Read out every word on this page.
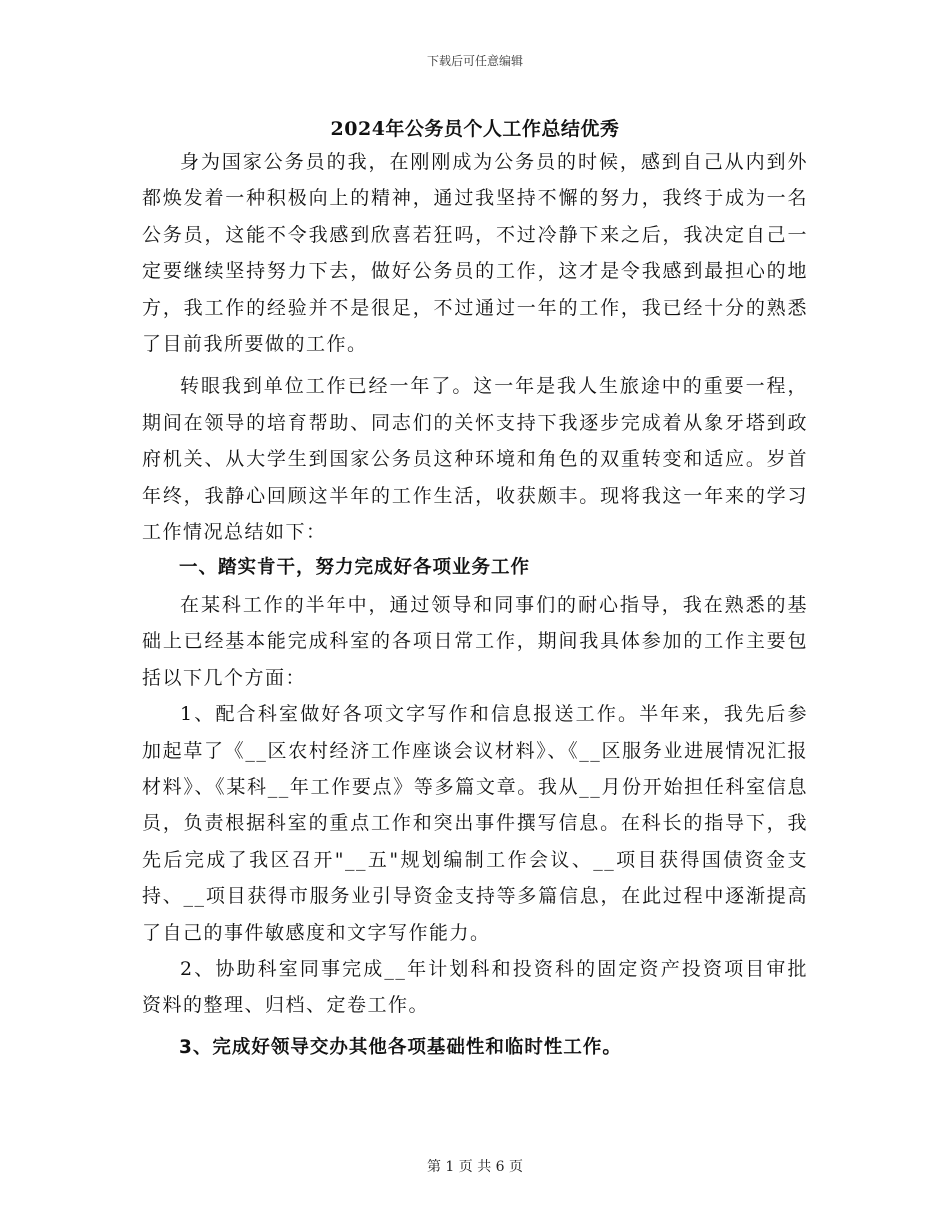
下载后可任意编辑
2024年公务员个人工作总结优秀

身为国家公务员的我，在刚刚成为公务员的时候，感到自己从内到外都焕发着一种积极向上的精神，通过我坚持不懈的努力，我终于成为一名公务员，这能不令我感到欣喜若狂吗，不过冷静下来之后，我决定自己一定要继续坚持努力下去，做好公务员的工作，这才是令我感到最担心的地方，我工作的经验并不是很足，不过通过一年的工作，我已经十分的熟悉了目前我所要做的工作。

转眼我到单位工作已经一年了。这一年是我人生旅途中的重要一程，期间在领导的培育帮助、同志们的关怀支持下我逐步完成着从象牙塔到政府机关、从大学生到国家公务员这种环境和角色的双重转变和适应。岁首年终，我静心回顾这半年的工作生活，收获颇丰。现将我这一年来的学习工作情况总结如下：

一、踏实肯干，努力完成好各项业务工作

在某科工作的半年中，通过领导和同事们的耐心指导，我在熟悉的基础上已经基本能完成科室的各项日常工作，期间我具体参加的工作主要包括以下几个方面：

1、配合科室做好各项文字写作和信息报送工作。半年来，我先后参加起草了《__区农村经济工作座谈会议材料》、《__区服务业进展情况汇报材料》、《某科__年工作要点》等多篇文章。我从__月份开始担任科室信息员，负责根据科室的重点工作和突出事件撰写信息。在科长的指导下，我先后完成了我区召开"__五"规划编制工作会议、__项目获得国债资金支持、__项目获得市服务业引导资金支持等多篇信息，在此过程中逐渐提高了自己的事件敏感度和文字写作能力。

2、协助科室同事完成__年计划科和投资科的固定资产投资项目审批资料的整理、归档、定卷工作。

3、完成好领导交办其他各项基础性和临时性工作。

第 1 页 共 6 页
